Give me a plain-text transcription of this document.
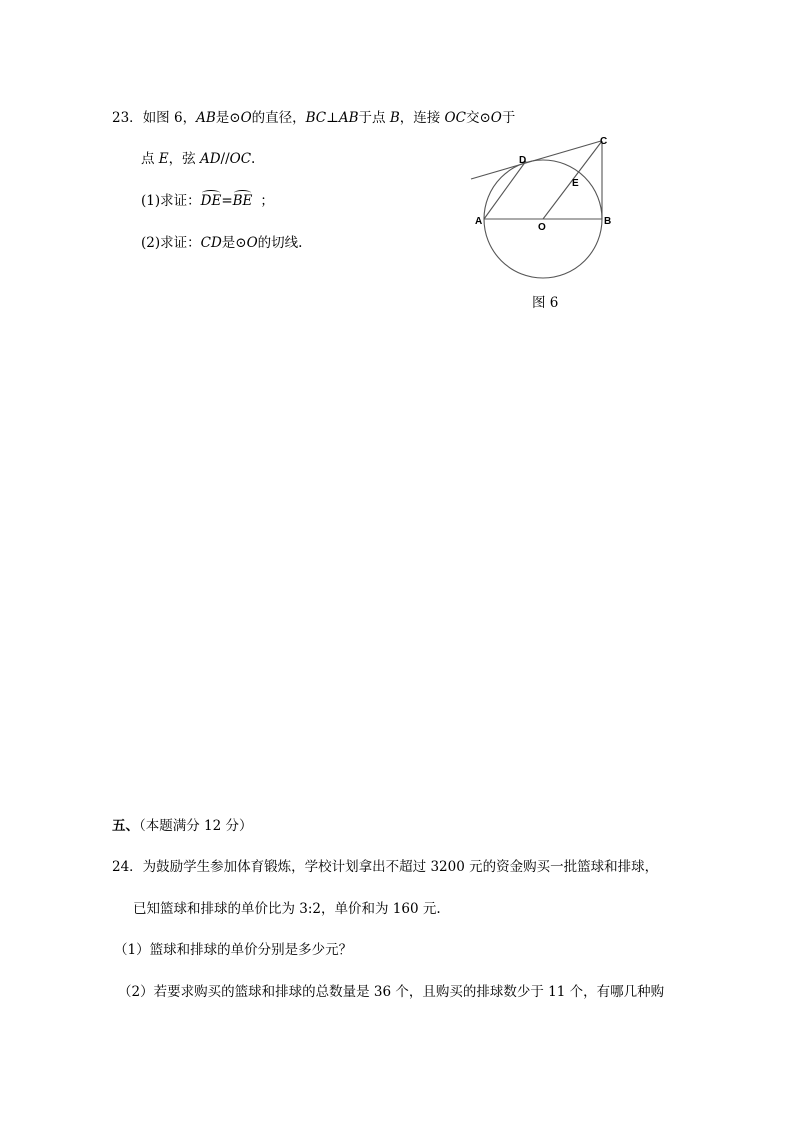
23．如图 6，AB是⊙O的直径，BC⊥AB于点 B，连接 OC交⊙O于
点 E，弦 AD//OC.
(1)求证：DE=BE ；
(2)求证：CD是⊙O的切线.
C
D
E
A	B
O
图 6
五、（本题满分 12 分）
24．为鼓励学生参加体育锻炼，学校计划拿出不超过 3200 元的资金购买一批篮球和排球，
已知篮球和排球的单价比为 3:2，单价和为 160 元.
（1）篮球和排球的单价分别是多少元？
（2）若要求购买的篮球和排球的总数量是 36 个，且购买的排球数少于 11 个，有哪几种购
